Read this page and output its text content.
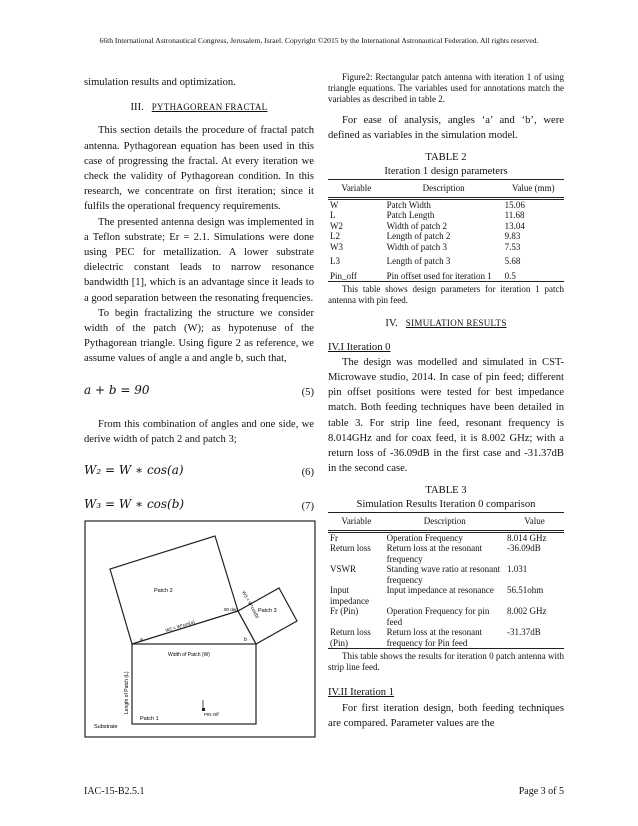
66th International Astronautical Congress, Jerusalem, Israel. Copyright ©2015 by the International Astronautical Federation. All rights reserved.

simulation results and optimization.

III. PYTHAGOREAN FRACTAL

This section details the procedure of fractal patch antenna. Pythagorean equation has been used in this case of progressing the fractal. At every iteration we check the validity of Pythagorean condition. In this research, we concentrate on first iteration; since it fulfils the operational frequency requirements.

The presented antenna design was implemented in a Teflon substrate; Er = 2.1. Simulations were done using PEC for metallization. A lower substrate dielectric constant leads to narrow resonance bandwidth [1], which is an advantage since it leads to a good separation between the resonating frequencies.

To begin fractalizing the structure we consider width of the patch (W); as hypotenuse of the Pythagorean triangle. Using figure 2 as reference, we assume values of angle a and angle b, such that,

a + b = 90	(5)

From this combination of angles and one side, we derive width of patch 2 and patch 3;

W₂ = W ∗ cos(a)	(6)
W₃ = W ∗ cos(b)	(7)
Patch 2
Patch 3
Patch 1
90 deg
W2 = W*cos(a)
W3 = W*cos(b)
a	b
Width of Patch (W)
Length of Patch (L)
PIN Off
Substrate

Figure2: Rectangular patch antenna with iteration 1 of using triangle equations. The variables used for annotations match the variables as described in table 2.

For ease of analysis, angles ‘a’ and ‘b’, were defined as variables in the simulation model.

TABLE 2
Iteration 1 design parameters
Variable	Description	Value (mm)
W	Patch Width	15.06
L	Patch Length	11.68
W2	Width of patch 2	13.04
L2	Length of patch 2	9.83
W3	Width of patch 3	7.53
L3	Length of patch 3	5.68
Pin_off	Pin offset used for iteration 1	0.5

This table shows design parameters for iteration 1 patch antenna with pin feed.

IV. SIMULATION RESULTS
IV.I Iteration 0

The design was modelled and simulated in CST-Microwave studio, 2014. In case of pin feed; different pin offset positions were tested for best impedance match. Both feeding techniques have been detailed in table 3. For strip line feed, resonant frequency is 8.014GHz and for coax feed, it is 8.002 GHz; with a return loss of -36.09dB in the first case and -31.37dB in the second case.

TABLE 3
Simulation Results Iteration 0 comparison
Variable	Description	Value
Fr	Operation Frequency	8.014 GHz
Return loss	Return loss at the resonant frequency	-36.09dB
VSWR	Standing wave ratio at resonant frequency	1.031
Input impedance	Input impedance at resonance	56.51ohm
Fr (Pin)	Operation Frequency for pin feed	8.002 GHz
Return loss (Pin)	Return loss at the resonant frequency for Pin feed	-31.37dB

This table shows the results for iteration 0 patch antenna with strip line feed.

IV.II Iteration 1

For first iteration design, both feeding techniques are compared. Parameter values are the

IAC-15-B2.5.1	Page 3 of 5
